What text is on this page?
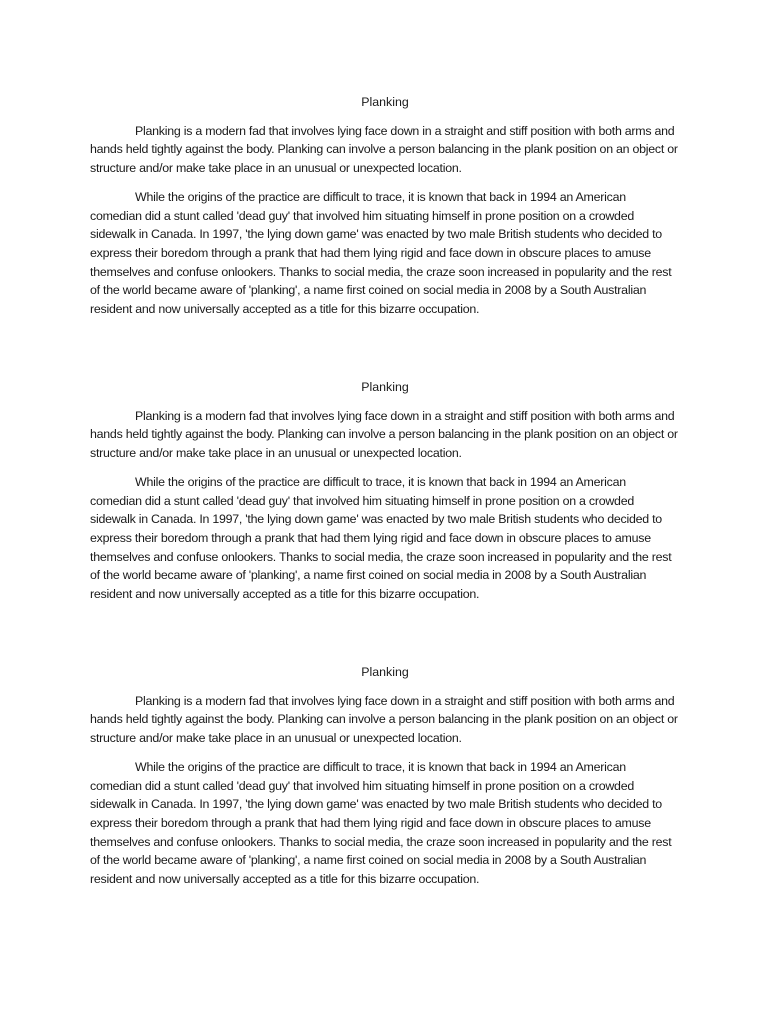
Planking

Planking is a modern fad that involves lying face down in a straight and stiff position with both arms and hands held tightly against the body. Planking can involve a person balancing in the plank position on an object or structure and/or make take place in an unusual or unexpected location.

While the origins of the practice are difficult to trace, it is known that back in 1994 an American comedian did a stunt called 'dead guy' that involved him situating himself in prone position on a crowded sidewalk in Canada. In 1997, 'the lying down game' was enacted by two male British students who decided to express their boredom through a prank that had them lying rigid and face down in obscure places to amuse themselves and confuse onlookers. Thanks to social media, the craze soon increased in popularity and the rest of the world became aware of 'planking', a name first coined on social media in 2008 by a South Australian resident and now universally accepted as a title for this bizarre occupation.

Planking

Planking is a modern fad that involves lying face down in a straight and stiff position with both arms and hands held tightly against the body. Planking can involve a person balancing in the plank position on an object or structure and/or make take place in an unusual or unexpected location.

While the origins of the practice are difficult to trace, it is known that back in 1994 an American comedian did a stunt called 'dead guy' that involved him situating himself in prone position on a crowded sidewalk in Canada. In 1997, 'the lying down game' was enacted by two male British students who decided to express their boredom through a prank that had them lying rigid and face down in obscure places to amuse themselves and confuse onlookers. Thanks to social media, the craze soon increased in popularity and the rest of the world became aware of 'planking', a name first coined on social media in 2008 by a South Australian resident and now universally accepted as a title for this bizarre occupation.

Planking

Planking is a modern fad that involves lying face down in a straight and stiff position with both arms and hands held tightly against the body. Planking can involve a person balancing in the plank position on an object or structure and/or make take place in an unusual or unexpected location.

While the origins of the practice are difficult to trace, it is known that back in 1994 an American comedian did a stunt called 'dead guy' that involved him situating himself in prone position on a crowded sidewalk in Canada. In 1997, 'the lying down game' was enacted by two male British students who decided to express their boredom through a prank that had them lying rigid and face down in obscure places to amuse themselves and confuse onlookers. Thanks to social media, the craze soon increased in popularity and the rest of the world became aware of 'planking', a name first coined on social media in 2008 by a South Australian resident and now universally accepted as a title for this bizarre occupation.
